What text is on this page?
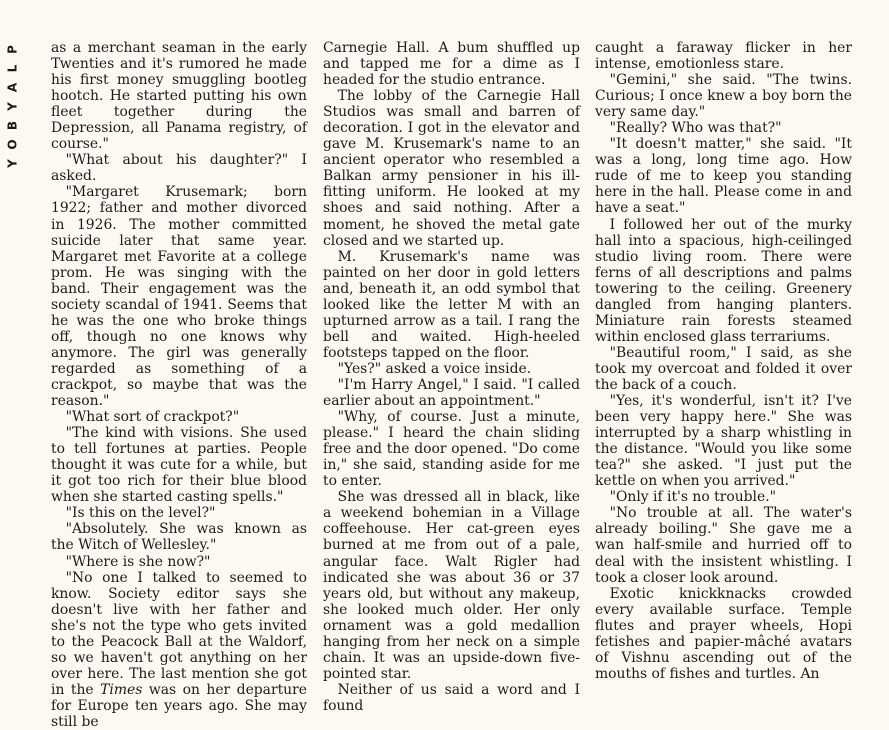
P
L
A
Y
B
O
Y

as a merchant seaman in the early Twenties and it's rumored he made his first money smuggling bootleg hootch. He started putting his own fleet together during the Depression, all Panama registry, of course."

"What about his daughter?" I asked.

"Margaret Krusemark; born 1922; father and mother divorced in 1926. The mother committed suicide later that same year. Margaret met Favorite at a college prom. He was singing with the band. Their engagement was the society scandal of 1941. Seems that he was the one who broke things off, though no one knows why anymore. The girl was generally regarded as something of a crackpot, so maybe that was the reason."

"What sort of crackpot?"

"The kind with visions. She used to tell fortunes at parties. People thought it was cute for a while, but it got too rich for their blue blood when she started casting spells."

"Is this on the level?"

"Absolutely. She was known as the Witch of Wellesley."

"Where is she now?"

"No one I talked to seemed to know. Society editor says she doesn't live with her father and she's not the type who gets invited to the Peacock Ball at the Waldorf, so we haven't got anything on her over here. The last mention she got in the Times was on her departure for Europe ten years ago. She may still be

Carnegie Hall. A bum shuffled up and tapped me for a dime as I headed for the studio entrance.

The lobby of the Carnegie Hall Studios was small and barren of decoration. I got in the elevator and gave M. Krusemark's name to an ancient operator who resembled a Balkan army pensioner in his ill-fitting uniform. He looked at my shoes and said nothing. After a moment, he shoved the metal gate closed and we started up.

M. Krusemark's name was painted on her door in gold letters and, beneath it, an odd symbol that looked like the letter M with an upturned arrow as a tail. I rang the bell and waited. High-heeled footsteps tapped on the floor.

"Yes?" asked a voice inside.

"I'm Harry Angel," I said. "I called earlier about an appointment."

"Why, of course. Just a minute, please." I heard the chain sliding free and the door opened. "Do come in," she said, standing aside for me to enter.

She was dressed all in black, like a weekend bohemian in a Village coffeehouse. Her cat-green eyes burned at me from out of a pale, angular face. Walt Rigler had indicated she was about 36 or 37 years old, but without any makeup, she looked much older. Her only ornament was a gold medallion hanging from her neck on a simple chain. It was an upside-down five-pointed star.

Neither of us said a word and I found

caught a faraway flicker in her intense, emotionless stare.

"Gemini," she said. "The twins. Curious; I once knew a boy born the very same day."

"Really? Who was that?"

"It doesn't matter," she said. "It was a long, long time ago. How rude of me to keep you standing here in the hall. Please come in and have a seat."

I followed her out of the murky hall into a spacious, high-ceilinged studio living room. There were ferns of all descriptions and palms towering to the ceiling. Greenery dangled from hanging planters. Miniature rain forests steamed within enclosed glass terrariums.

"Beautiful room," I said, as she took my overcoat and folded it over the back of a couch.

"Yes, it's wonderful, isn't it? I've been very happy here." She was interrupted by a sharp whistling in the distance. "Would you like some tea?" she asked. "I just put the kettle on when you arrived."

"Only if it's no trouble."

"No trouble at all. The water's already boiling." She gave me a wan half-smile and hurried off to deal with the insistent whistling. I took a closer look around.

Exotic knickknacks crowded every available surface. Temple flutes and prayer wheels, Hopi fetishes and papier-mâché avatars of Vishnu ascending out of the mouths of fishes and turtles. An
